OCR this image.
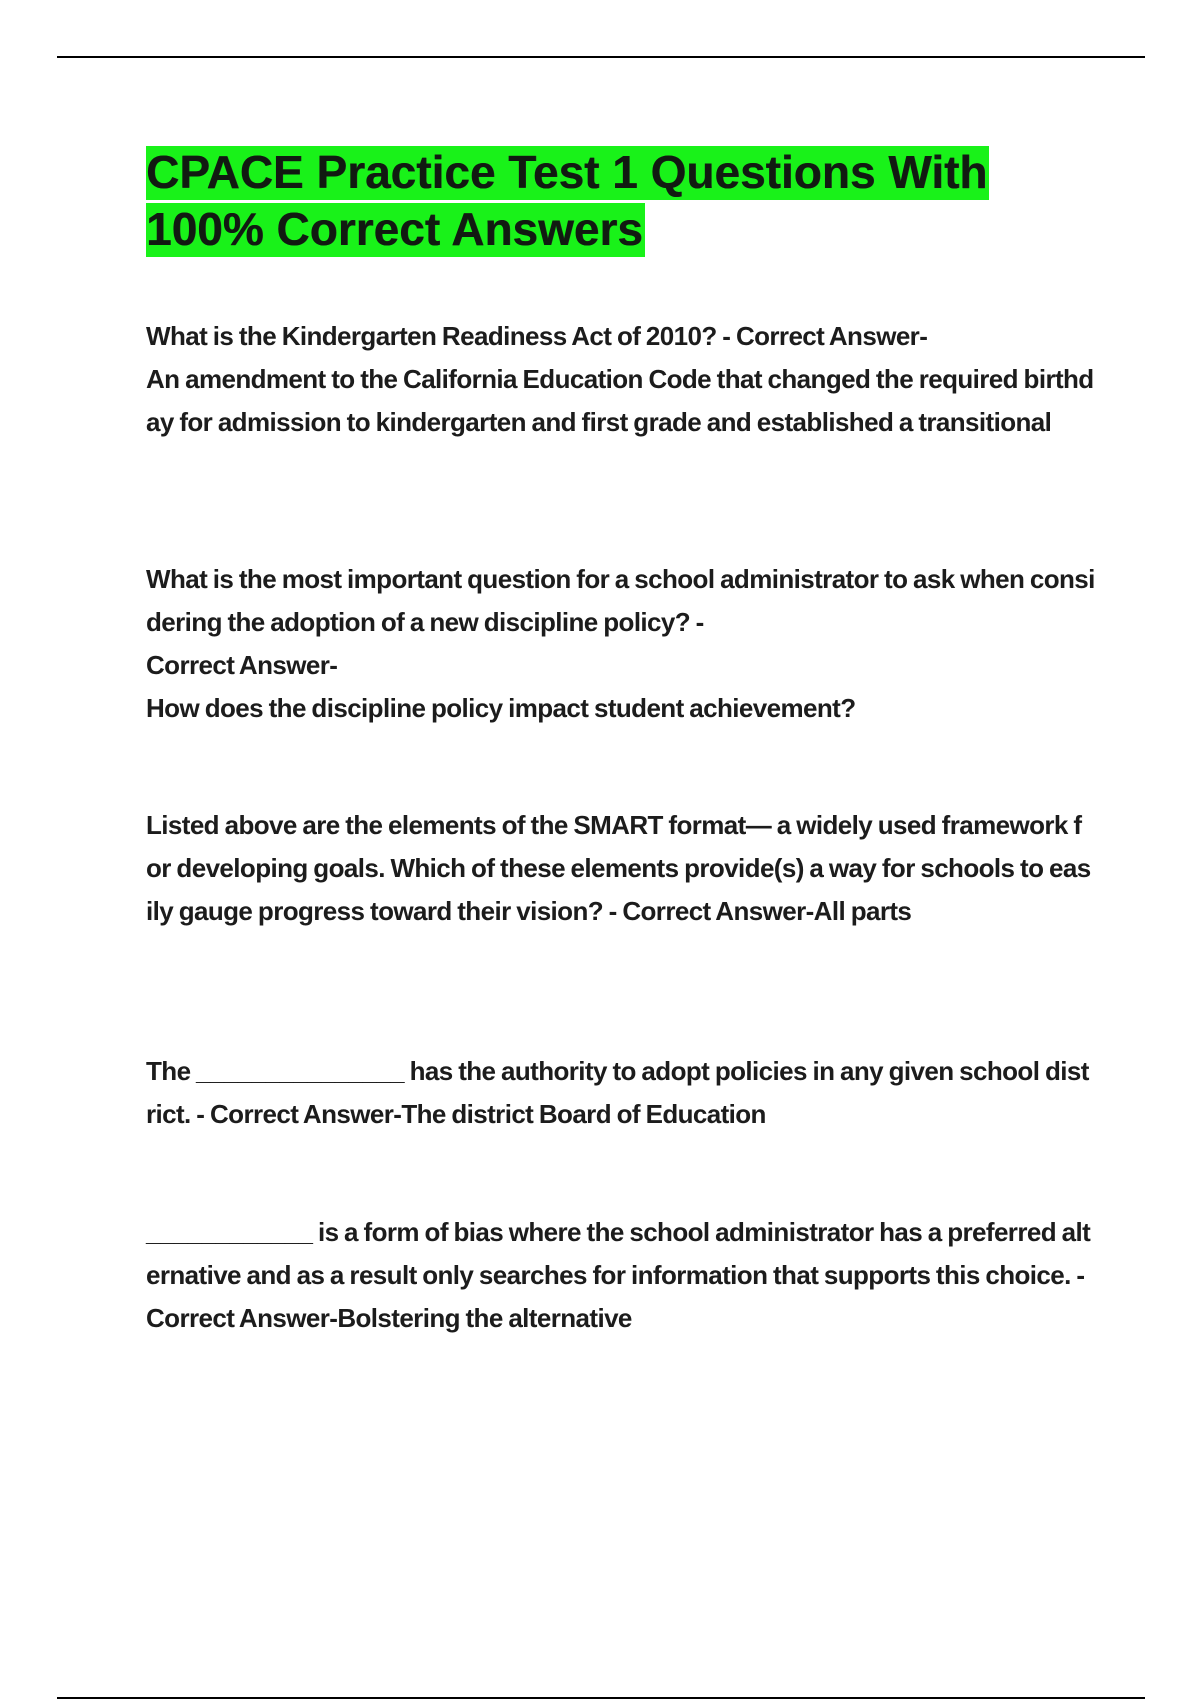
CPACE Practice Test 1 Questions With 100% Correct Answers

What is the Kindergarten Readiness Act of 2010? - Correct Answer-
An amendment to the California Education Code that changed the required birthday for admission to kindergarten and first grade and established a transitional

What is the most important question for a school administrator to ask when considering the adoption of a new discipline policy? -
Correct Answer-
How does the discipline policy impact student achievement?

Listed above are the elements of the SMART format— a widely used framework for developing goals. Which of these elements provide(s) a way for schools to easily gauge progress toward their vision? - Correct Answer-All parts

The _______________ has the authority to adopt policies in any given school district. - Correct Answer-The district Board of Education

____________ is a form of bias where the school administrator has a preferred alternative and as a result only searches for information that supports this choice. - Correct Answer-Bolstering the alternative
